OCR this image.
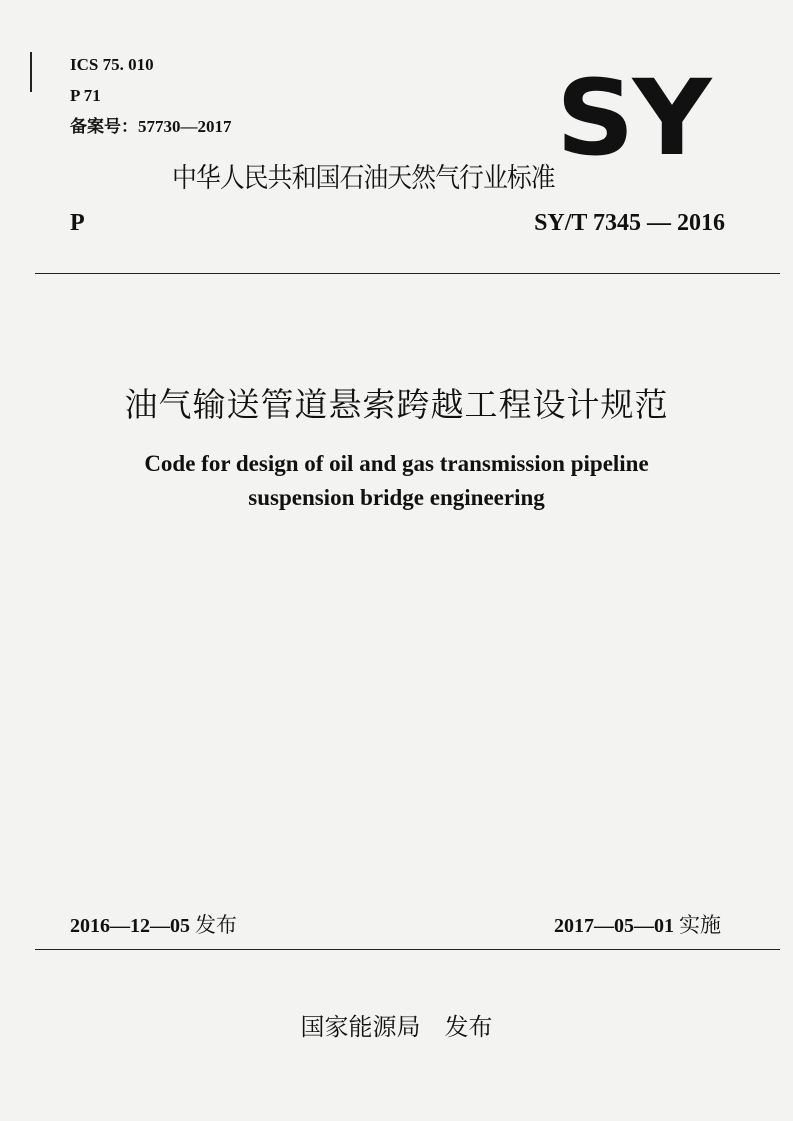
ICS 75. 010
P 71
备案号：57730—2017	SY
中华人民共和国石油天然气行业标准
P	SY/T 7345 — 2016
油气输送管道悬索跨越工程设计规范
Code for design of oil and gas transmission pipeline
suspension bridge engineering
2016—12—05 发布	2017—05—01 实施
国家能源局　发布
